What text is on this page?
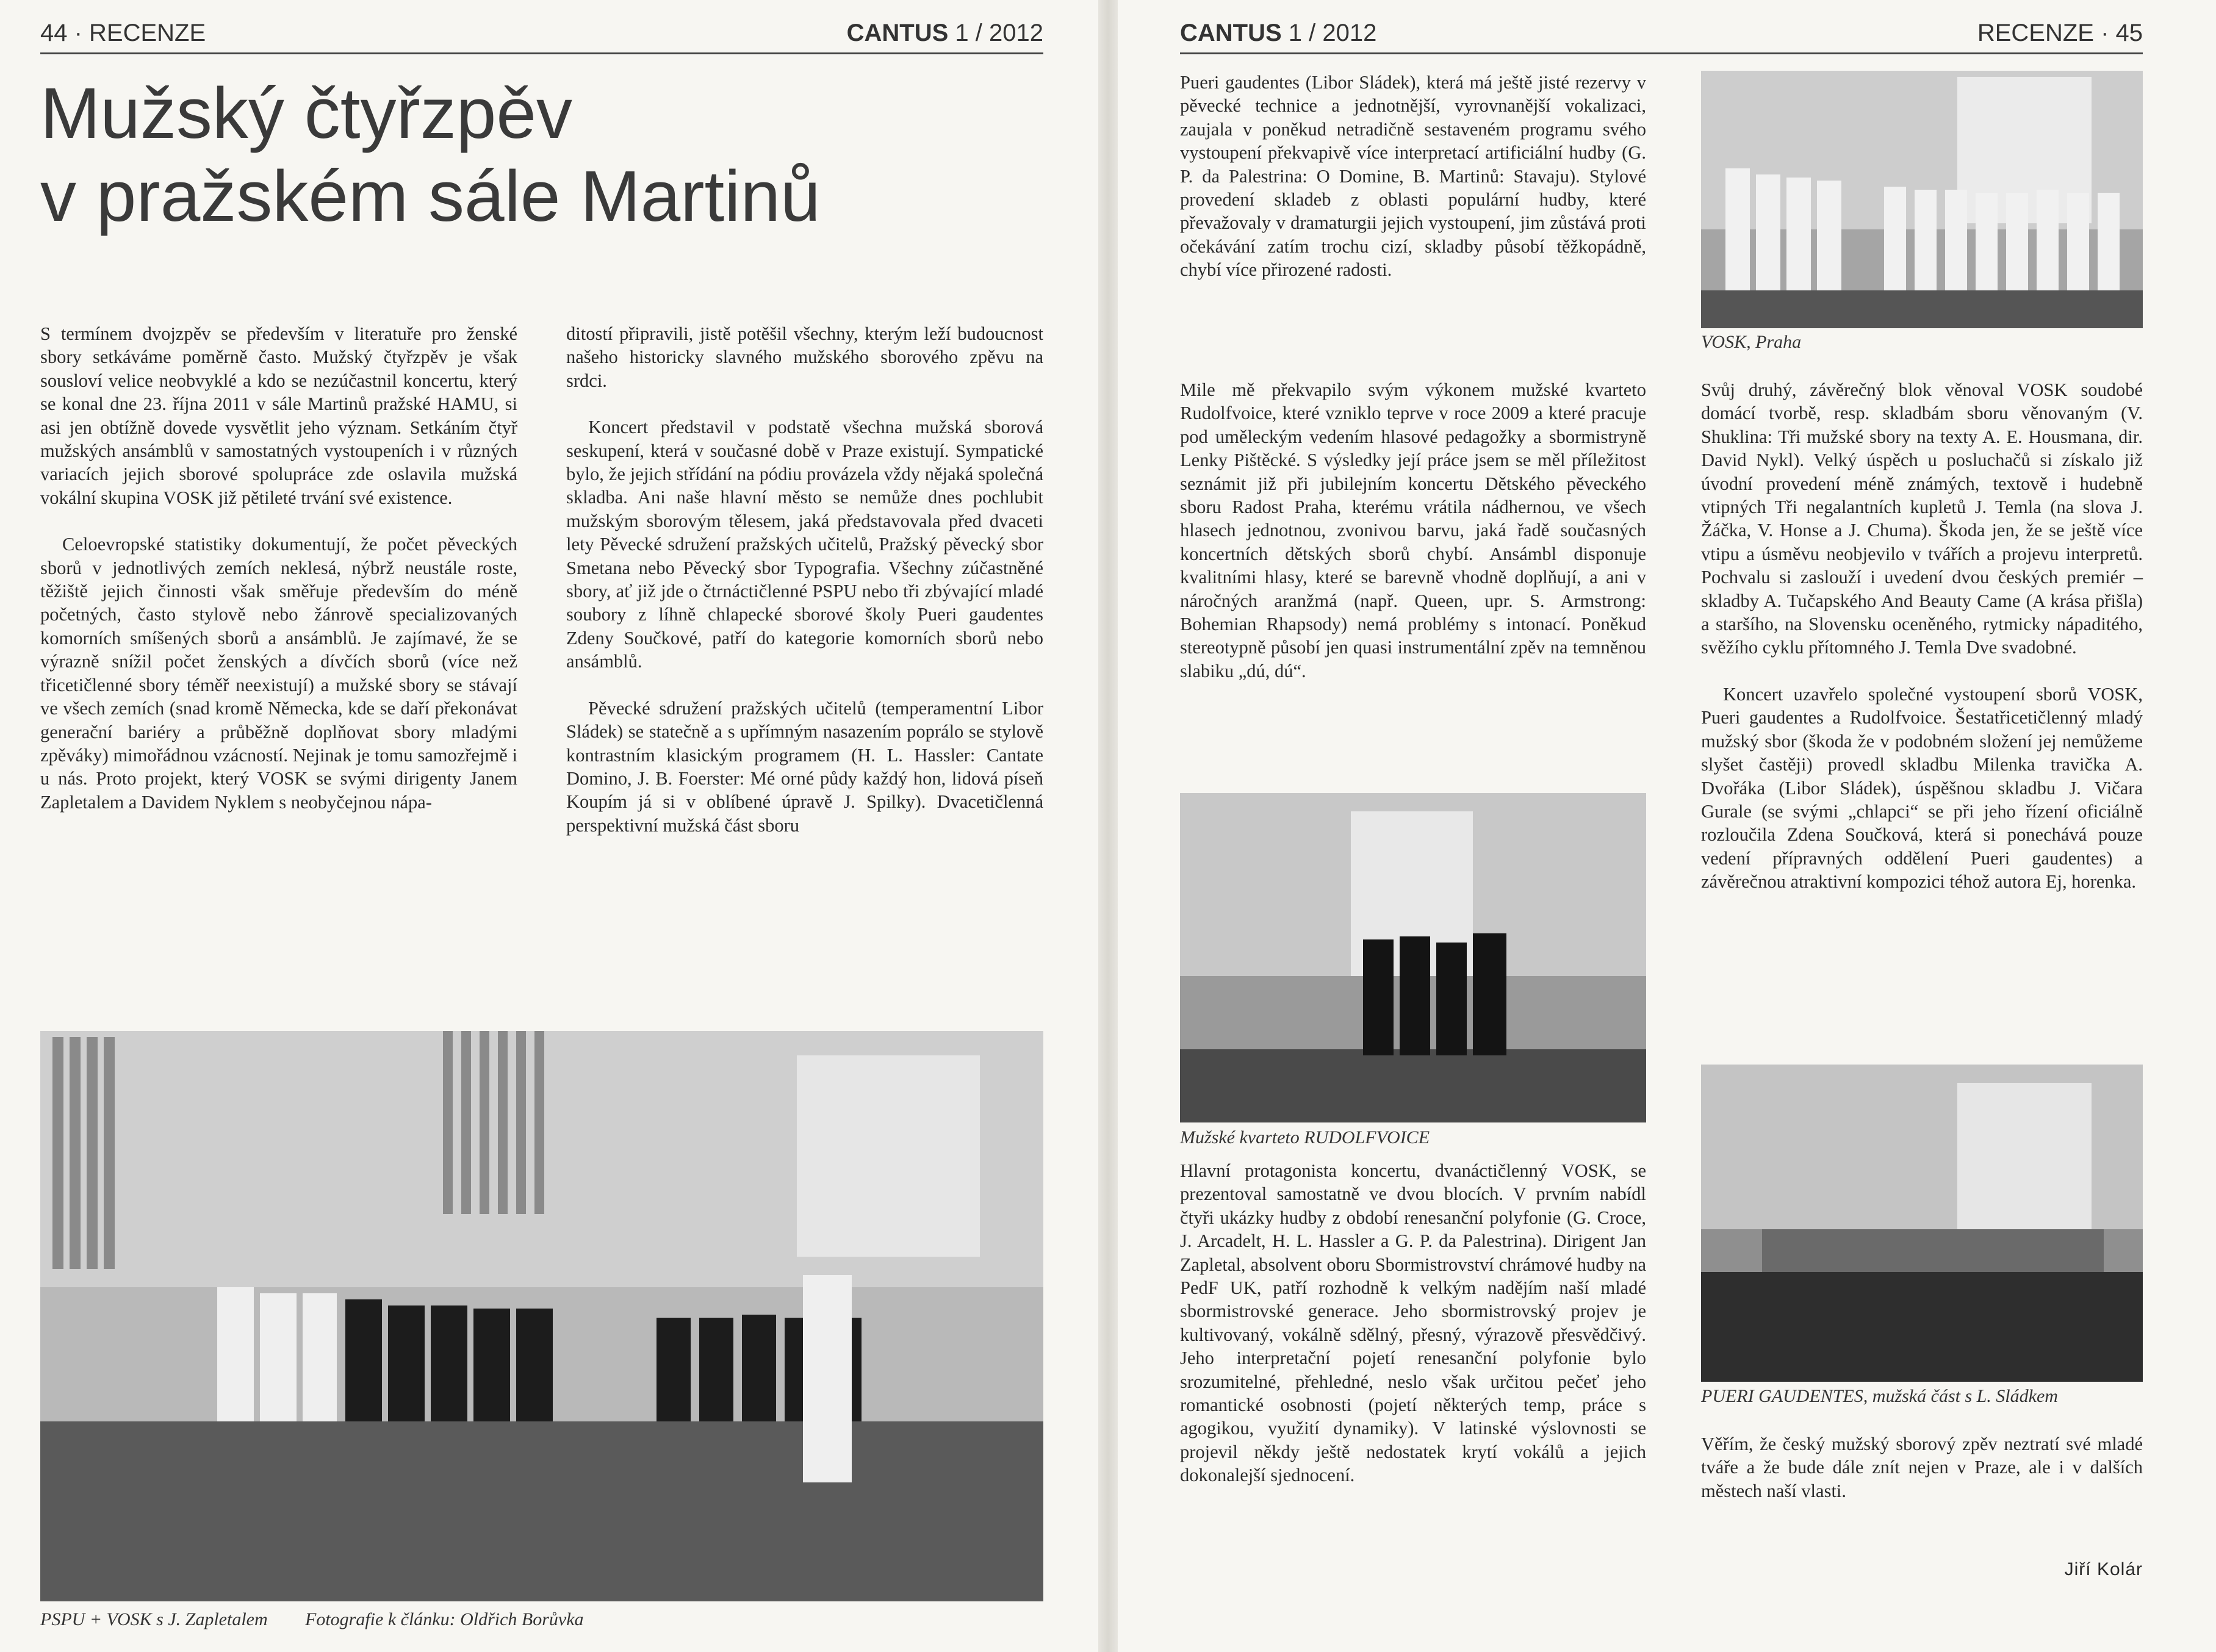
44 · RECENZE	CANTUS 1 / 2012
Mužský čtyřzpěv
v pražském sále Martinů

S termínem dvojzpěv se především v literatuře pro ženské sbory setkáváme poměrně často. Mužský čtyřzpěv je však sousloví velice neobvyklé a kdo se nezúčastnil koncertu, který se konal dne 23. října 2011 v sále Martinů pražské HAMU, si asi jen obtížně dovede vysvětlit jeho význam. Setkáním čtyř mužských ansámblů v samostatných vystoupeních i v různých variacích jejich sborové spolupráce zde oslavila mužská vokální skupina VOSK již pětileté trvání své existence.

Celoevropské statistiky dokumentují, že počet pěveckých sborů v jednotlivých zemích neklesá, nýbrž neustále roste, těžiště jejich činnosti však směřuje především do méně početných, často stylově nebo žánrově specializovaných komorních smíšených sborů a ansámblů. Je zajímavé, že se výrazně snížil počet ženských a dívčích sborů (více než třicetičlenné sbory téměř neexistují) a mužské sbory se stávají ve všech zemích (snad kromě Německa, kde se daří překonávat generační bariéry a průběžně doplňovat sbory mladými zpěváky) mimořádnou vzácností. Nejinak je tomu samozřejmě i u nás. Proto projekt, který VOSK se svými dirigenty Janem Zapletalem a Davidem Nyklem s neobyčejnou nápa-

ditostí připravili, jistě potěšil všechny, kterým leží budoucnost našeho historicky slavného mužského sborového zpěvu na srdci.

Koncert představil v podstatě všechna mužská sborová seskupení, která v současné době v Praze existují. Sympatické bylo, že jejich střídání na pódiu provázela vždy nějaká společná skladba. Ani naše hlavní město se nemůže dnes pochlubit mužským sborovým tělesem, jaká představovala před dvaceti lety Pěvecké sdružení pražských učitelů, Pražský pěvecký sbor Smetana nebo Pěvecký sbor Typografia. Všechny zúčastněné sbory, ať již jde o čtrnáctičlenné PSPU nebo tři zbývající mladé soubory z líhně chlapecké sborové školy Pueri gaudentes Zdeny Součkové, patří do kategorie komorních sborů nebo ansámblů.

Pěvecké sdružení pražských učitelů (temperamentní Libor Sládek) se statečně a s upřímným nasazením poprálo se stylově kontrastním klasickým programem (H. L. Hassler: Cantate Domino, J. B. Foerster: Mé orné půdy každý hon, lidová píseň Koupím já si v oblíbené úpravě J. Spilky). Dvacetičlenná perspektivní mužská část sboru

PSPU + VOSK s J. Zapletalem Fotografie k článku: Oldřich Borůvka
CANTUS 1 / 2012	RECENZE · 45

Pueri gaudentes (Libor Sládek), která má ještě jisté rezervy v pěvecké technice a jednotnější, vyrovnanější vokalizaci, zaujala v poněkud netradičně sestaveném programu svého vystoupení překvapivě více interpretací artificiální hudby (G. P. da Palestrina: O Domine, B. Martinů: Stavaju). Stylové provedení skladeb z oblasti populární hudby, které převažovaly v dramaturgii jejich vystoupení, jim zůstává proti očekávání zatím trochu cizí, skladby působí těžkopádně, chybí více přirozené radosti.

Mile mě překvapilo svým výkonem mužské kvarteto Rudolfvoice, které vzniklo teprve v roce 2009 a které pracuje pod uměleckým vedením hlasové pedagožky a sbormistryně Lenky Pištěcké. S výsledky její práce jsem se měl příležitost seznámit již při jubilejním koncertu Dětského pěveckého sboru Radost Praha, kterému vrátila nádhernou, ve všech hlasech jednotnou, zvonivou barvu, jaká řadě současných koncertních dětských sborů chybí. Ansámbl disponuje kvalitními hlasy, které se barevně vhodně doplňují, a ani v náročných aranžmá (např. Queen, upr. S. Armstrong: Bohemian Rhapsody) nemá problémy s intonací. Poněkud stereotypně působí jen quasi instrumentální zpěv na temněnou slabiku „dú, dú“.

Mužské kvarteto RUDOLFVOICE

Hlavní protagonista koncertu, dvanáctičlenný VOSK, se prezentoval samostatně ve dvou blocích. V prvním nabídl čtyři ukázky hudby z období renesanční polyfonie (G. Croce, J. Arcadelt, H. L. Hassler a G. P. da Palestrina). Dirigent Jan Zapletal, absolvent oboru Sbormistrovství chrámové hudby na PedF UK, patří rozhodně k velkým nadějím naší mladé sbormistrovské generace. Jeho sbormistrovský projev je kultivovaný, vokálně sdělný, přesný, výrazově přesvědčivý. Jeho interpretační pojetí renesanční polyfonie bylo srozumitelné, přehledné, neslo však určitou pečeť jeho romantické osobnosti (pojetí některých temp, práce s agogikou, využití dynamiky). V latinské výslovnosti se projevil někdy ještě nedostatek krytí vokálů a jejich dokonalejší sjednocení.

VOSK, Praha

Svůj druhý, závěrečný blok věnoval VOSK soudobé domácí tvorbě, resp. skladbám sboru věnovaným (V. Shuklina: Tři mužské sbory na texty A. E. Housmana, dir. David Nykl). Velký úspěch u posluchačů si získalo již úvodní provedení méně známých, textově i hudebně vtipných Tři negalantních kupletů J. Temla (na slova J. Žáčka, V. Honse a J. Chuma). Škoda jen, že se ještě více vtipu a úsměvu neobjevilo v tvářích a projevu interpretů. Pochvalu si zaslouží i uvedení dvou českých premiér – skladby A. Tučapského And Beauty Came (A krása přišla) a staršího, na Slovensku oceněného, rytmicky nápaditého, svěžího cyklu přítomného J. Temla Dve svadobné.

Koncert uzavřelo společné vystoupení sborů VOSK, Pueri gaudentes a Rudolfvoice. Šestatřicetičlenný mladý mužský sbor (škoda že v podobném složení jej nemůžeme slyšet častěji) provedl skladbu Milenka travička A. Dvořáka (Libor Sládek), úspěšnou skladbu J. Vičara Gurale (se svými „chlapci“ se při jeho řízení oficiálně rozloučila Zdena Součková, která si ponechává pouze vedení přípravných oddělení Pueri gaudentes) a závěrečnou atraktivní kompozici téhož autora Ej, horenka.

PUERI GAUDENTES, mužská část s L. Sládkem

Věřím, že český mužský sborový zpěv neztratí své mladé tváře a že bude dále znít nejen v Praze, ale i v dalších městech naší vlasti.

Jiří Kolár
